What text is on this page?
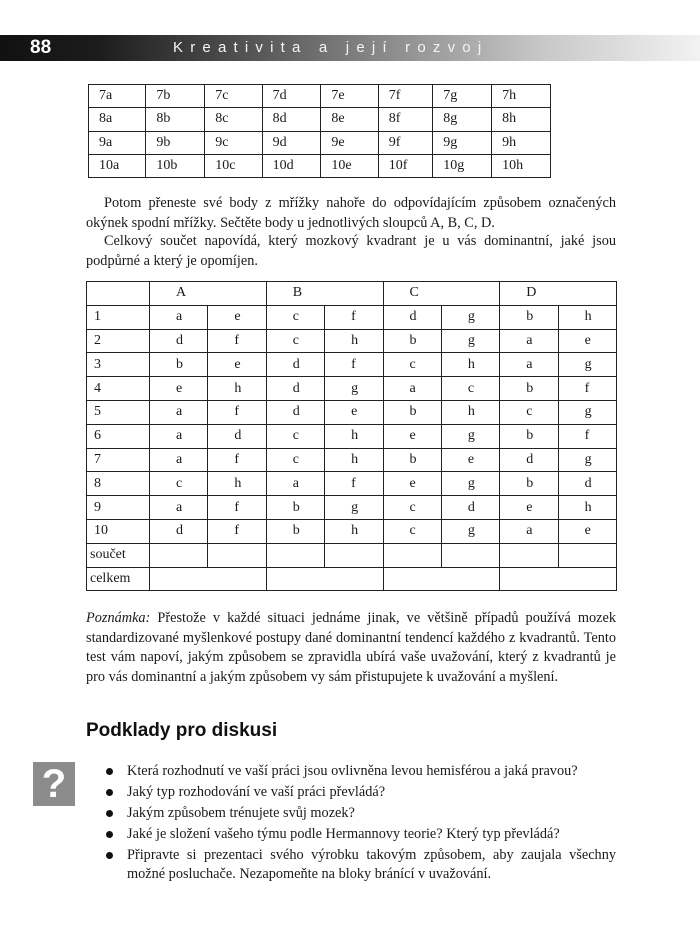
88	Kreativita a její rozvoj
7a	7b	7c	7d	7e	7f	7g	7h
8a	8b	8c	8d	8e	8f	8g	8h
9a	9b	9c	9d	9e	9f	9g	9h
10a	10b	10c	10d	10e	10f	10g	10h

Potom přeneste své body z mřížky nahoře do odpovídajícím způsobem označených okýnek spodní mřížky. Sečtěte body u jednotlivých sloupců A, B, C, D.

Celkový součet napovídá, který mozkový kvadrant je u vás dominantní, jaké jsou podpůrné a který je opomíjen.

	A		B		C		D	
1	a	e	c	f	d	g	b	h
2	d	f	c	h	b	g	a	e
3	b	e	d	f	c	h	a	g
4	e	h	d	g	a	c	b	f
5	a	f	d	e	b	h	c	g
6	a	d	c	h	e	g	b	f
7	a	f	c	h	b	e	d	g
8	c	h	a	f	e	g	b	d
9	a	f	b	g	c	d	e	h
10	d	f	b	h	c	g	a	e
součet								
celkem								

Poznámka: Přestože v každé situaci jednáme jinak, ve většině případů používá mozek standardizované myšlenkové postupy dané dominantní tendencí každého z kvadrantů. Tento test vám napoví, jakým způsobem se zpravidla ubírá vaše uvažování, který z kvadrantů je pro vás dominantní a jakým způsobem vy sám přistupujete k uvažování a myšlení.

Podklady pro diskusi
?	Která rozhodnutí ve vaší práci jsou ovlivněna levou hemisférou a jaká pravou?
Jaký typ rozhodování ve vaší práci převládá?
Jakým způsobem trénujete svůj mozek?
Jaké je složení vašeho týmu podle Hermannovy teorie? Který typ převládá?
Připravte si prezentaci svého výrobku takovým způsobem, aby zaujala všechny možné posluchače. Nezapomeňte na bloky bránící v uvažování.
